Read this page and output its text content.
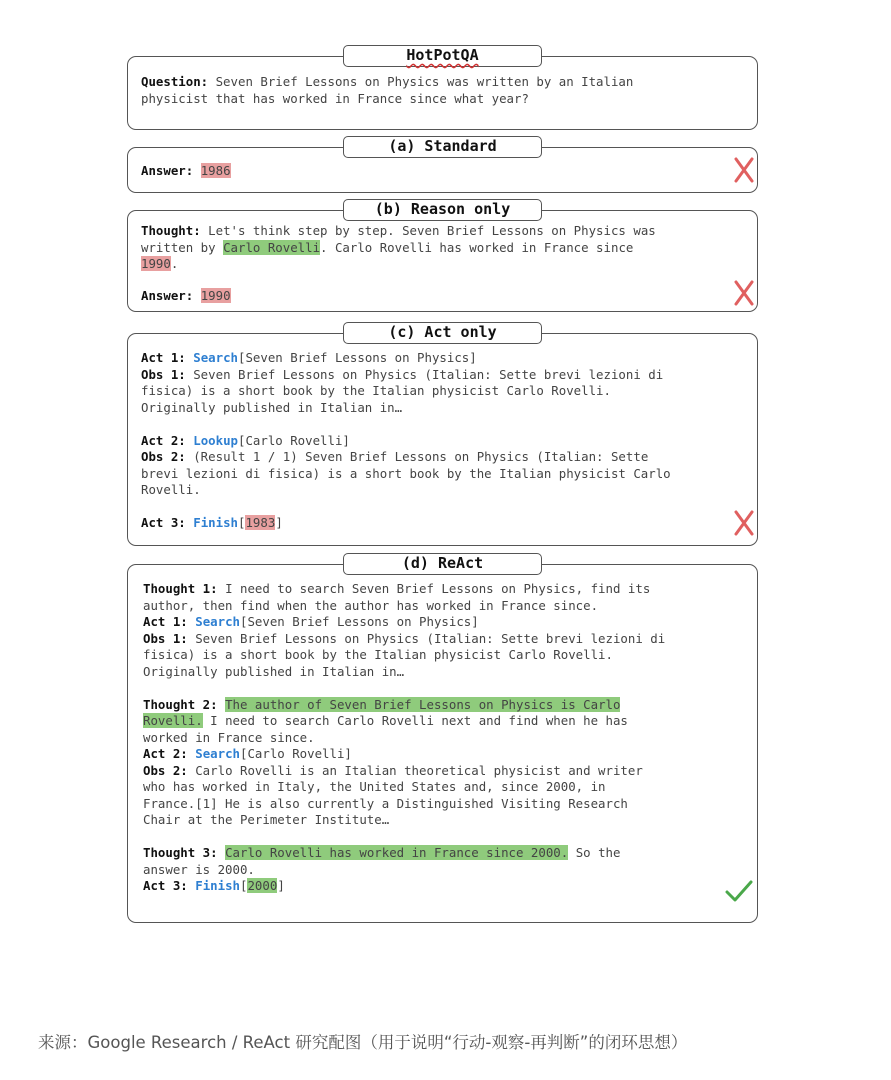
HotPotQA
Question: Seven Brief Lessons on Physics was written by an Italian
physicist that has worked in France since what year?
(a) Standard
Answer: 1986
(b) Reason only
Thought: Let's think step by step. Seven Brief Lessons on Physics was
written by Carlo Rovelli. Carlo Rovelli has worked in France since
1990.
Answer: 1990
(c) Act only
Act 1: Search[Seven Brief Lessons on Physics]
Obs 1: Seven Brief Lessons on Physics (Italian: Sette brevi lezioni di
fisica) is a short book by the Italian physicist Carlo Rovelli.
Originally published in Italian in…

Act 2: Lookup[Carlo Rovelli]
Obs 2: (Result 1 / 1) Seven Brief Lessons on Physics (Italian: Sette
brevi lezioni di fisica) is a short book by the Italian physicist Carlo
Rovelli.

Act 3: Finish[1983]
(d) ReAct
Thought 1: I need to search Seven Brief Lessons on Physics, find its
author, then find when the author has worked in France since.
Act 1: Search[Seven Brief Lessons on Physics]
Obs 1: Seven Brief Lessons on Physics (Italian: Sette brevi lezioni di
fisica) is a short book by the Italian physicist Carlo Rovelli.
Originally published in Italian in…

Thought 2: The author of Seven Brief Lessons on Physics is Carlo
Rovelli. I need to search Carlo Rovelli next and find when he has
worked in France since.
Act 2: Search[Carlo Rovelli]
Obs 2: Carlo Rovelli is an Italian theoretical physicist and writer
who has worked in Italy, the United States and, since 2000, in
France.[1] He is also currently a Distinguished Visiting Research
Chair at the Perimeter Institute…

Thought 3: Carlo Rovelli has worked in France since 2000. So the
answer is 2000.
Act 3: Finish[2000]
来源：Google Research / ReAct 研究配图（用于说明“行动-观察-再判断”的闭环思想）
